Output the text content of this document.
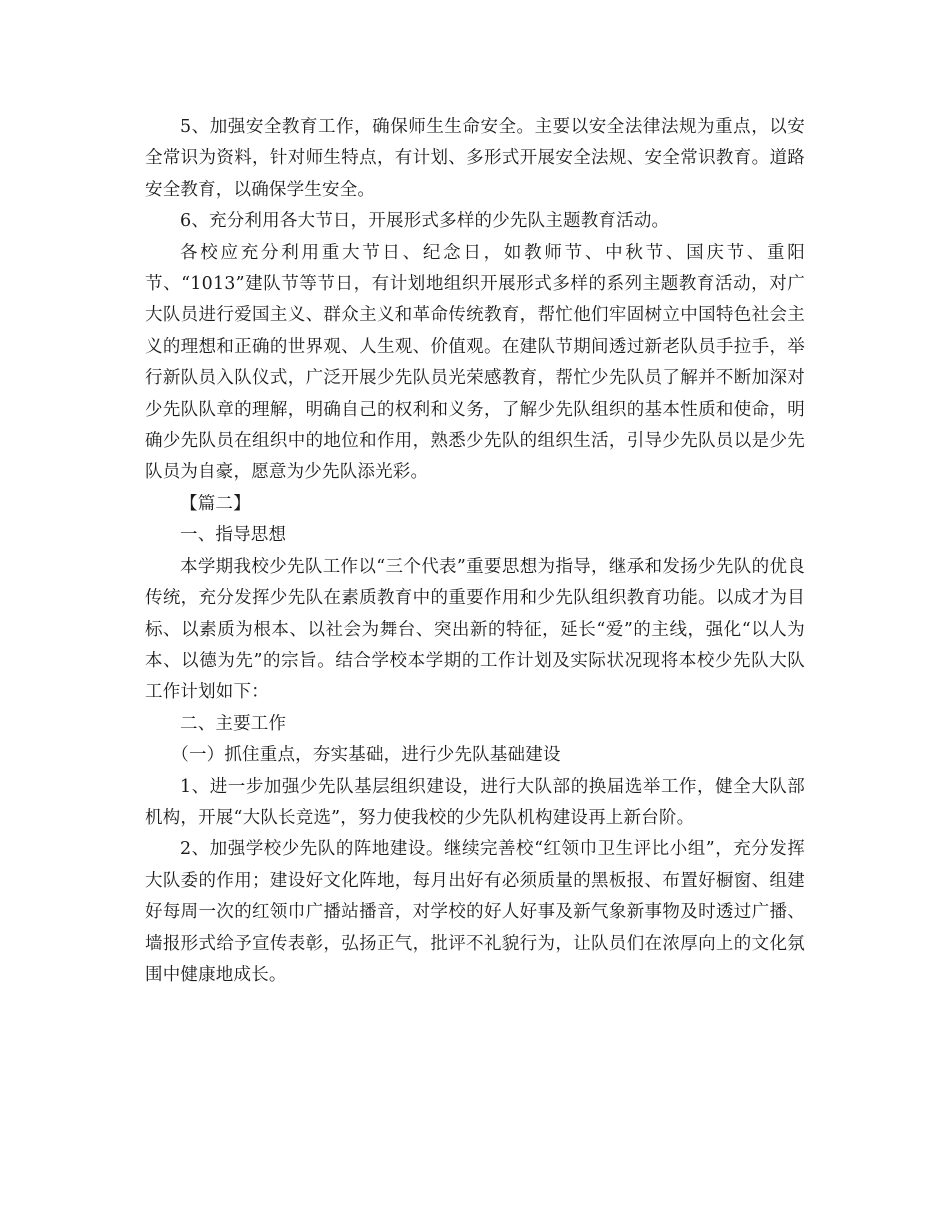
5、加强安全教育工作，确保师生生命安全。主要以安全法律法规为重点，以安全常识为资料，针对师生特点，有计划、多形式开展安全法规、安全常识教育。道路安全教育，以确保学生安全。

6、充分利用各大节日，开展形式多样的少先队主题教育活动。

各校应充分利用重大节日、纪念日，如教师节、中秋节、国庆节、重阳节、“1013”建队节等节日，有计划地组织开展形式多样的系列主题教育活动，对广大队员进行爱国主义、群众主义和革命传统教育，帮忙他们牢固树立中国特色社会主义的理想和正确的世界观、人生观、价值观。在建队节期间透过新老队员手拉手，举行新队员入队仪式，广泛开展少先队员光荣感教育，帮忙少先队员了解并不断加深对少先队队章的理解，明确自己的权利和义务，了解少先队组织的基本性质和使命，明确少先队员在组织中的地位和作用，熟悉少先队的组织生活，引导少先队员以是少先队员为自豪，愿意为少先队添光彩。

【篇二】

一、指导思想

本学期我校少先队工作以“三个代表”重要思想为指导，继承和发扬少先队的优良传统，充分发挥少先队在素质教育中的重要作用和少先队组织教育功能。以成才为目标、以素质为根本、以社会为舞台、突出新的特征，延长“爱”的主线，强化“以人为本、以德为先”的宗旨。结合学校本学期的工作计划及实际状况现将本校少先队大队工作计划如下：

二、主要工作

（一）抓住重点，夯实基础，进行少先队基础建设

1、进一步加强少先队基层组织建设，进行大队部的换届选举工作，健全大队部机构，开展“大队长竞选”，努力使我校的少先队机构建设再上新台阶。

2、加强学校少先队的阵地建设。继续完善校“红领巾卫生评比小组”，充分发挥大队委的作用；建设好文化阵地，每月出好有必须质量的黑板报、布置好橱窗、组建好每周一次的红领巾广播站播音，对学校的好人好事及新气象新事物及时透过广播、墙报形式给予宣传表彰，弘扬正气，批评不礼貌行为，让队员们在浓厚向上的文化氛围中健康地成长。
